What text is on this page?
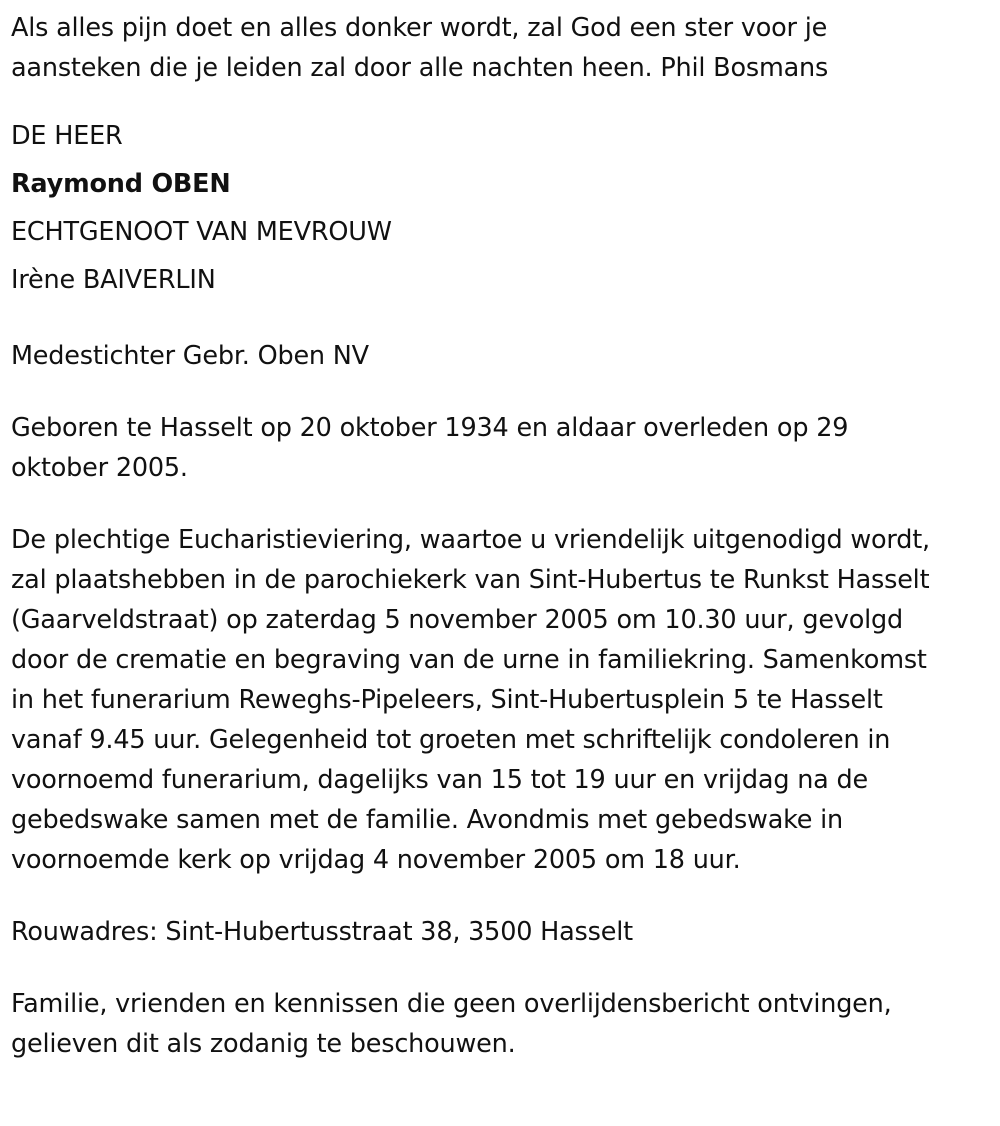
Als alles pijn doet en alles donker wordt, zal God een ster voor je
aansteken die je leiden zal door alle nachten heen. Phil Bosmans
DE HEER
Raymond OBEN
ECHTGENOOT VAN MEVROUW
Irène BAIVERLIN
Medestichter Gebr. Oben NV
Geboren te Hasselt op 20 oktober 1934 en aldaar overleden op 29
oktober 2005.
De plechtige Eucharistieviering, waartoe u vriendelijk uitgenodigd wordt,
zal plaatshebben in de parochiekerk van Sint-Hubertus te Runkst Hasselt
(Gaarveldstraat) op zaterdag 5 november 2005 om 10.30 uur, gevolgd
door de crematie en begraving van de urne in familiekring. Samenkomst
in het funerarium Reweghs-Pipeleers, Sint-Hubertusplein 5 te Hasselt
vanaf 9.45 uur. Gelegenheid tot groeten met schriftelijk condoleren in
voornoemd funerarium, dagelijks van 15 tot 19 uur en vrijdag na de
gebedswake samen met de familie. Avondmis met gebedswake in
voornoemde kerk op vrijdag 4 november 2005 om 18 uur.
Rouwadres: Sint-Hubertusstraat 38, 3500 Hasselt
Familie, vrienden en kennissen die geen overlijdensbericht ontvingen,
gelieven dit als zodanig te beschouwen.
